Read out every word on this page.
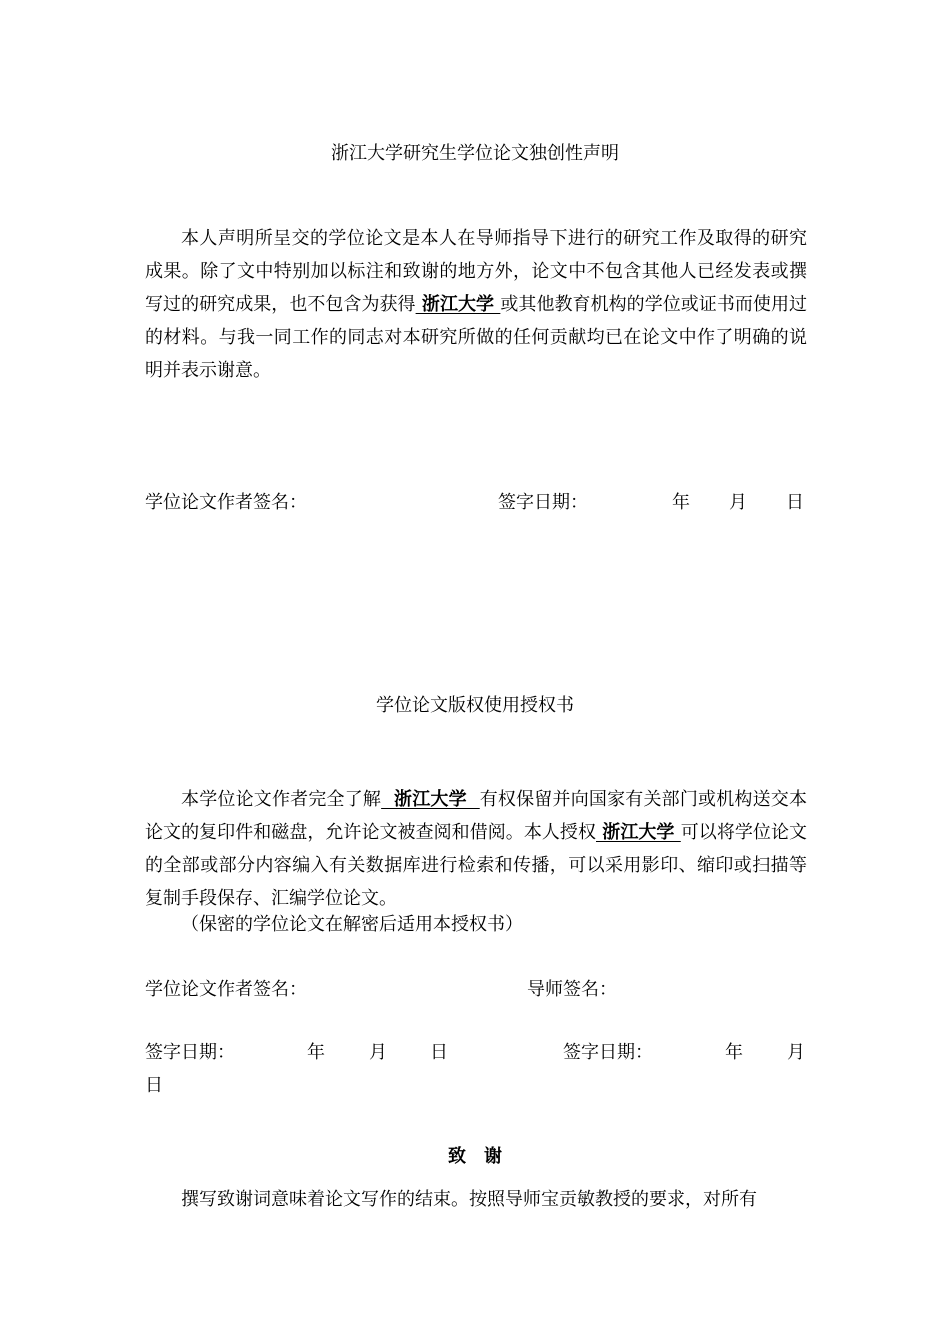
浙江大学研究生学位论文独创性声明
本人声明所呈交的学位论文是本人在导师指导下进行的研究工作及取得的研究成果。除了文中特别加以标注和致谢的地方外，论文中不包含其他人已经发表或撰写过的研究成果，也不包含为获得 浙江大学 或其他教育机构的学位或证书而使用过的材料。与我一同工作的同志对本研究所做的任何贡献均已在论文中作了明确的说明并表示谢意。
学位论文作者签名：	签字日期：	年 月 日
学位论文版权使用授权书
本学位论文作者完全了解  浙江大学  有权保留并向国家有关部门或机构送交本论文的复印件和磁盘，允许论文被查阅和借阅。本人授权 浙江大学 可以将学位论文的全部或部分内容编入有关数据库进行检索和传播，可以采用影印、缩印或扫描等复制手段保存、汇编学位论文。
（保密的学位论文在解密后适用本授权书）
学位论文作者签名：	导师签名：
签字日期：	年 月 日	签字日期：	年 月
日
致谢
撰写致谢词意味着论文写作的结束。按照导师宝贡敏教授的要求，对所有
